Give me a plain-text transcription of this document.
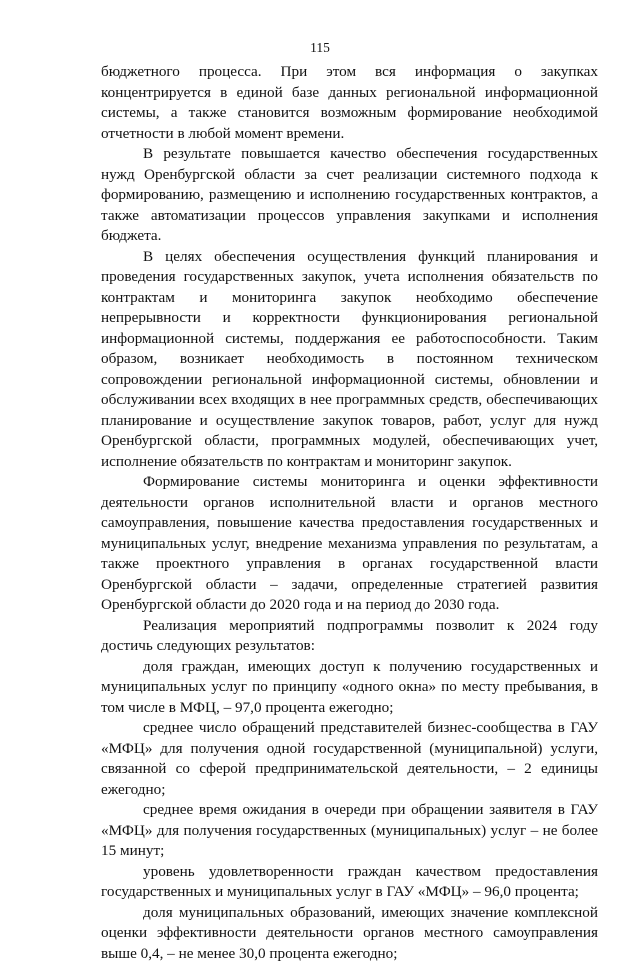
115

бюджетного процесса. При этом вся информация о закупках концентрируется в единой базе данных региональной информационной системы, а также становится возможным формирование необходимой отчетности в любой момент времени.

В результате повышается качество обеспечения государственных нужд Оренбургской области за счет реализации системного подхода к формированию, размещению и исполнению государственных контрактов, а также автоматизации процессов управления закупками и исполнения бюджета.

В целях обеспечения осуществления функций планирования и проведения государственных закупок, учета исполнения обязательств по контрактам и мониторинга закупок необходимо обеспечение непрерывности и корректности функционирования региональной информационной системы, поддержания ее работоспособности. Таким образом, возникает необходимость в постоянном техническом сопровождении региональной информационной системы, обновлении и обслуживании всех входящих в нее программных средств, обеспечивающих планирование и осуществление закупок товаров, работ, услуг для нужд Оренбургской области, программных модулей, обеспечивающих учет, исполнение обязательств по контрактам и мониторинг закупок.

Формирование системы мониторинга и оценки эффективности деятельности органов исполнительной власти и органов местного самоуправления, повышение качества предоставления государственных и муниципальных услуг, внедрение механизма управления по результатам, а также проектного управления в органах государственной власти Оренбургской области – задачи, определенные стратегией развития Оренбургской области до 2020 года и на период до 2030 года.

Реализация мероприятий подпрограммы позволит к 2024 году достичь следующих результатов:

доля граждан, имеющих доступ к получению государственных и муниципальных услуг по принципу «одного окна» по месту пребывания, в том числе в МФЦ, – 97,0 процента ежегодно;

среднее число обращений представителей бизнес-сообщества в ГАУ «МФЦ» для получения одной государственной (муниципальной) услуги, связанной со сферой предпринимательской деятельности, – 2 единицы ежегодно;

среднее время ожидания в очереди при обращении заявителя в ГАУ «МФЦ» для получения государственных (муниципальных) услуг – не более 15 минут;

уровень удовлетворенности граждан качеством предоставления государственных и муниципальных услуг в ГАУ «МФЦ» – 96,0 процента;

доля муниципальных образований, имеющих значение комплексной оценки эффективности деятельности органов местного самоуправления выше 0,4, – не менее 30,0 процента ежегодно;
